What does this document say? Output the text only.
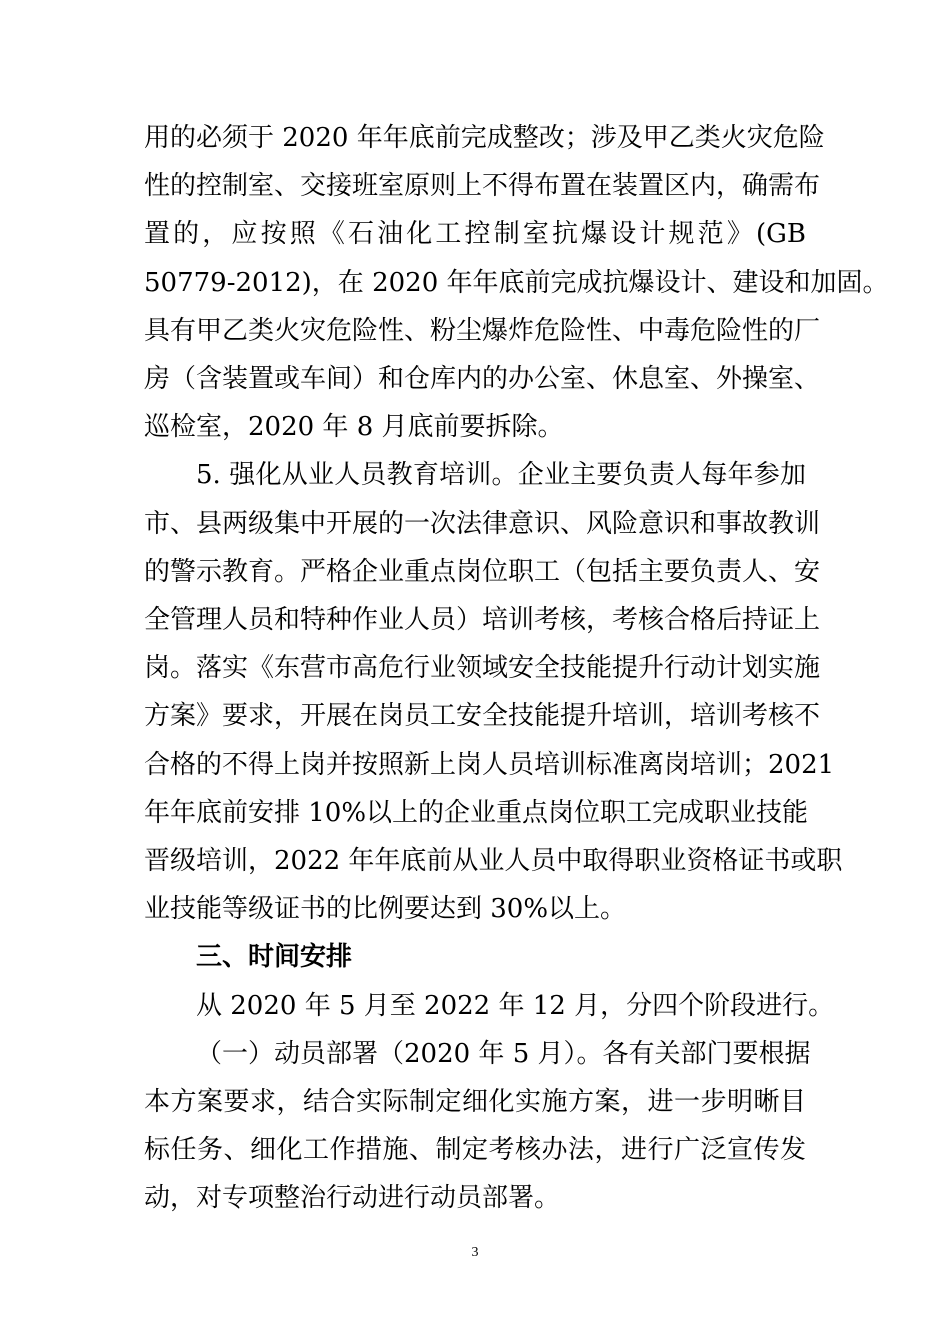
用的必须于 2020 年年底前完成整改；涉及甲乙类火灾危险
性的控制室、交接班室原则上不得布置在装置区内，确需布
置的，应按照《石油化工控制室抗爆设计规范》(GB
50779-2012)，在 2020 年年底前完成抗爆设计、建设和加固。
具有甲乙类火灾危险性、粉尘爆炸危险性、中毒危险性的厂
房（含装置或车间）和仓库内的办公室、休息室、外操室、
巡检室，2020 年 8 月底前要拆除。
5. 强化从业人员教育培训。企业主要负责人每年参加
市、县两级集中开展的一次法律意识、风险意识和事故教训
的警示教育。严格企业重点岗位职工（包括主要负责人、安
全管理人员和特种作业人员）培训考核，考核合格后持证上
岗。落实《东营市高危行业领域安全技能提升行动计划实施
方案》要求，开展在岗员工安全技能提升培训，培训考核不
合格的不得上岗并按照新上岗人员培训标准离岗培训；2021
年年底前安排 10%以上的企业重点岗位职工完成职业技能
晋级培训，2022 年年底前从业人员中取得职业资格证书或职
业技能等级证书的比例要达到 30%以上。
三、时间安排
从 2020 年 5 月至 2022 年 12 月，分四个阶段进行。
（一）动员部署（2020 年 5 月）。各有关部门要根据
本方案要求，结合实际制定细化实施方案，进一步明晰目
标任务、细化工作措施、制定考核办法，进行广泛宣传发
动，对专项整治行动进行动员部署。
3
